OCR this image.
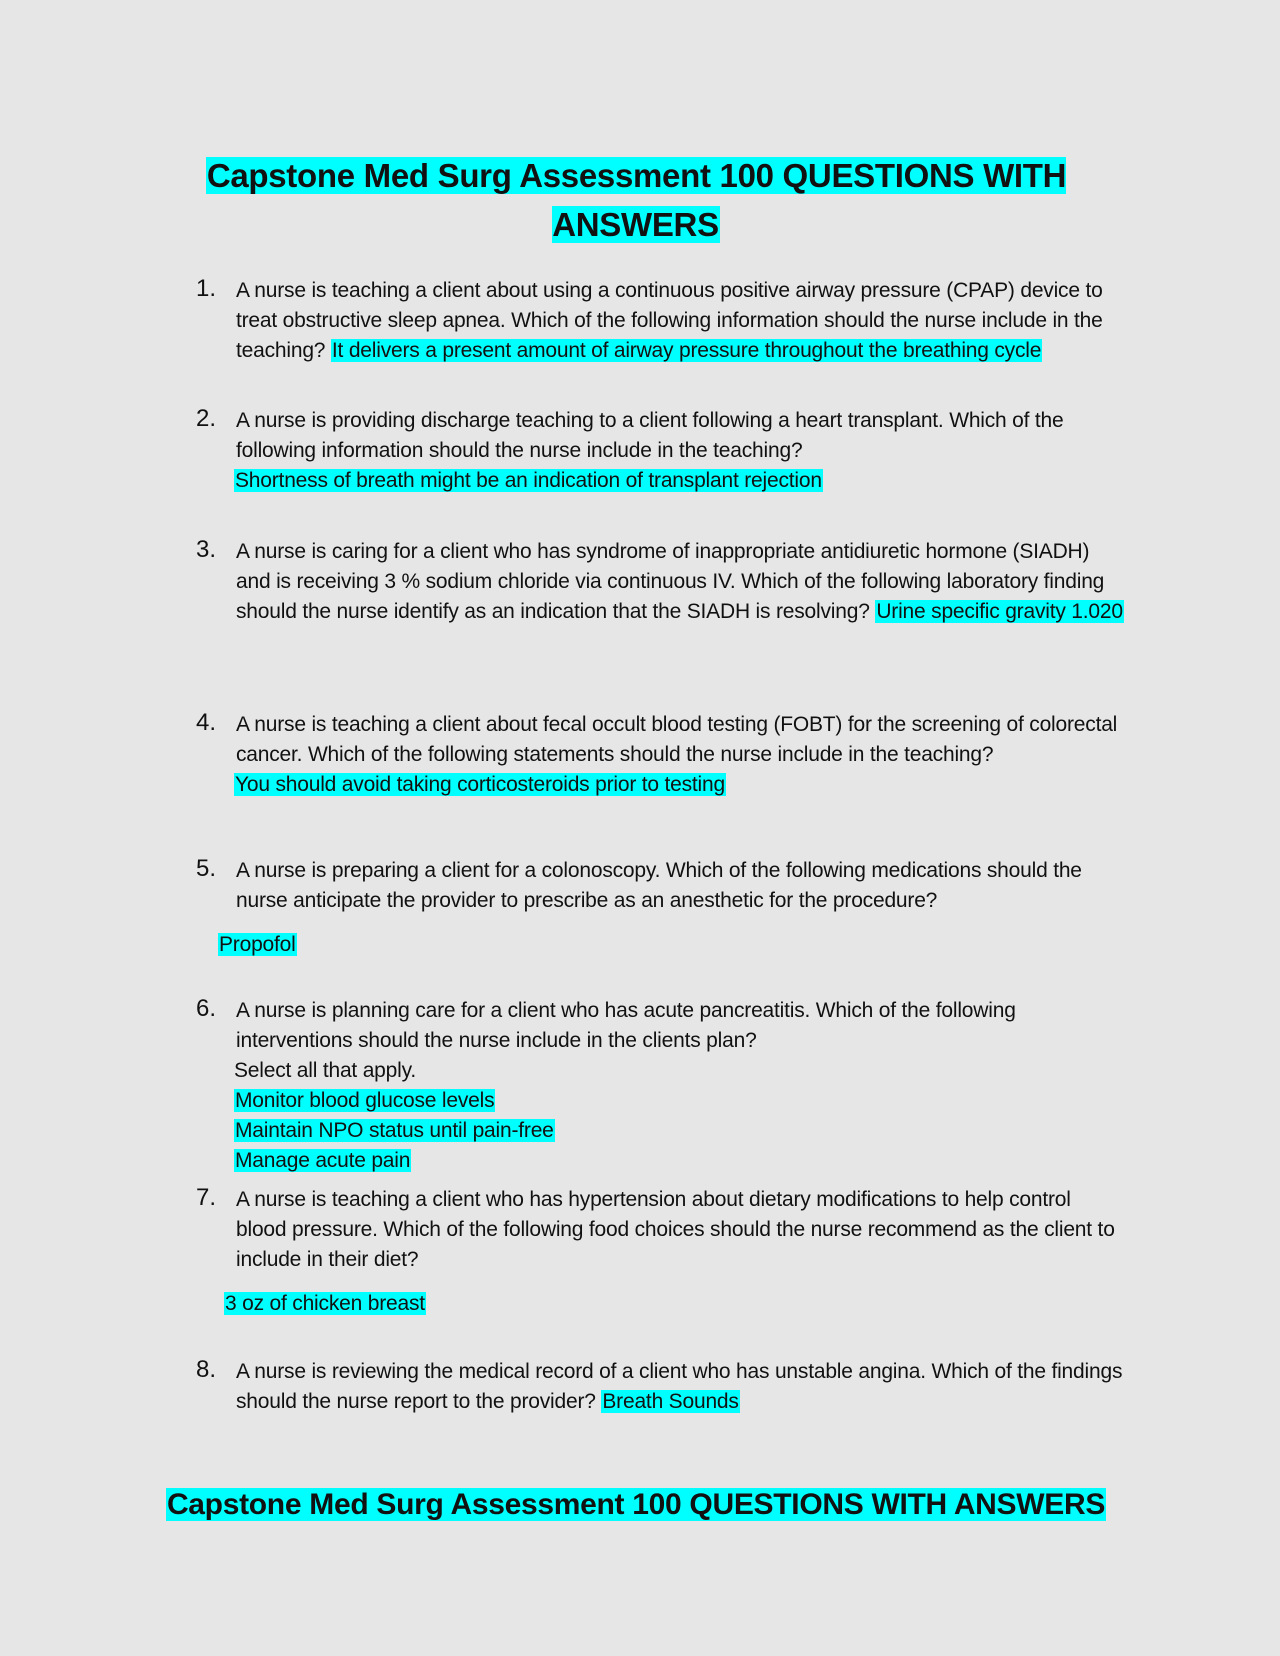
Capstone Med Surg Assessment 100 QUESTIONS WITH ANSWERS
1. A nurse is teaching a client about using a continuous positive airway pressure (CPAP) device to treat obstructive sleep apnea. Which of the following information should the nurse include in the teaching? It delivers a present amount of airway pressure throughout the breathing cycle
2. A nurse is providing discharge teaching to a client following a heart transplant. Which of the following information should the nurse include in the teaching?
Shortness of breath might be an indication of transplant rejection
3. A nurse is caring for a client who has syndrome of inappropriate antidiuretic hormone (SIADH) and is receiving 3 % sodium chloride via continuous IV. Which of the following laboratory finding should the nurse identify as an indication that the SIADH is resolving? Urine specific gravity 1.020
4. A nurse is teaching a client about fecal occult blood testing (FOBT) for the screening of colorectal cancer. Which of the following statements should the nurse include in the teaching?
You should avoid taking corticosteroids prior to testing
5. A nurse is preparing a client for a colonoscopy. Which of the following medications should the nurse anticipate the provider to prescribe as an anesthetic for the procedure?
Propofol
6. A nurse is planning care for a client who has acute pancreatitis. Which of the following interventions should the nurse include in the clients plan?
Select all that apply.
Monitor blood glucose levels
Maintain NPO status until pain-free
Manage acute pain
7. A nurse is teaching a client who has hypertension about dietary modifications to help control blood pressure. Which of the following food choices should the nurse recommend as the client to include in their diet?
3 oz of chicken breast
8. A nurse is reviewing the medical record of a client who has unstable angina. Which of the findings should the nurse report to the provider? Breath Sounds
Capstone Med Surg Assessment 100 QUESTIONS WITH ANSWERS
